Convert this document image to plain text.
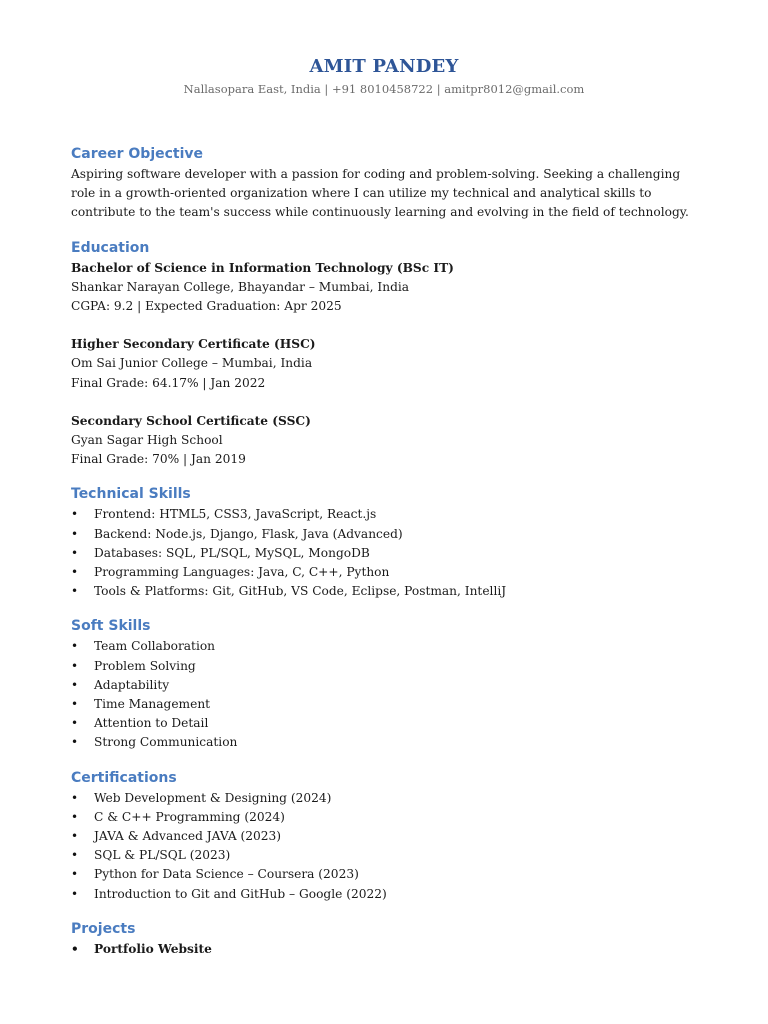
AMIT PANDEY
Nallasopara East, India | +91 8010458722 | amitpr8012@gmail.com
Career Objective

Aspiring software developer with a passion for coding and problem-solving. Seeking a challenging role in a growth-oriented organization where I can utilize my technical and analytical skills to contribute to the team's success while continuously learning and evolving in the field of technology.

Education
Bachelor of Science in Information Technology (BSc IT)
Shankar Narayan College, Bhayandar – Mumbai, India
CGPA: 9.2 | Expected Graduation: Apr 2025
Higher Secondary Certificate (HSC)
Om Sai Junior College – Mumbai, India
Final Grade: 64.17% | Jan 2022
Secondary School Certificate (SSC)
Gyan Sagar High School
Final Grade: 70% | Jan 2019
Technical Skills
• Frontend: HTML5, CSS3, JavaScript, React.js
• Backend: Node.js, Django, Flask, Java (Advanced)
• Databases: SQL, PL/SQL, MySQL, MongoDB
• Programming Languages: Java, C, C++, Python
• Tools & Platforms: Git, GitHub, VS Code, Eclipse, Postman, IntelliJ
Soft Skills
• Team Collaboration
• Problem Solving
• Adaptability
• Time Management
• Attention to Detail
• Strong Communication
Certifications
• Web Development & Designing (2024)
• C & C++ Programming (2024)
• JAVA & Advanced JAVA (2023)
• SQL & PL/SQL (2023)
• Python for Data Science – Coursera (2023)
• Introduction to Git and GitHub – Google (2022)
Projects
• Portfolio Website
